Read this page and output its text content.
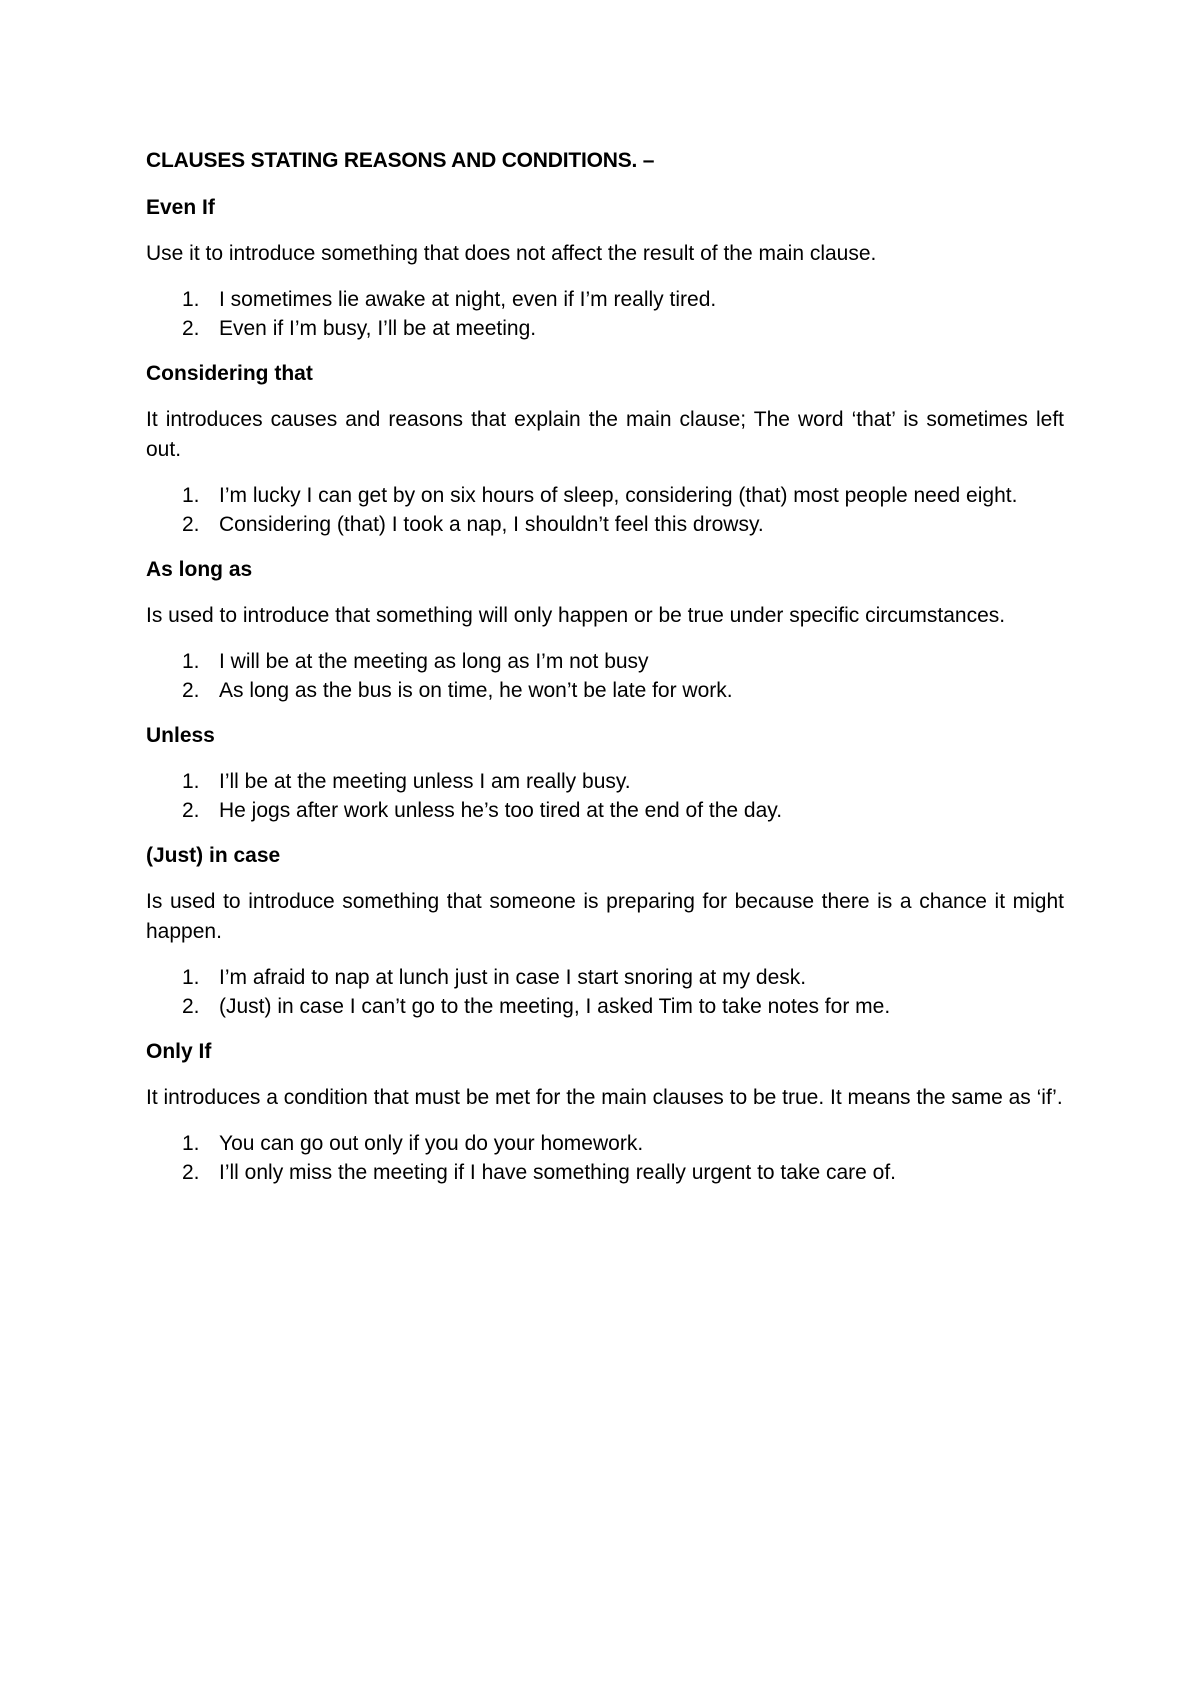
CLAUSES STATING REASONS AND CONDITIONS. –
Even If

Use it to introduce something that does not affect the result of the main clause.

1. I sometimes lie awake at night, even if I’m really tired.
2. Even if I’m busy, I’ll be at meeting.
Considering that

It introduces causes and reasons that explain the main clause; The word ‘that’ is sometimes left out.

1. I’m lucky I can get by on six hours of sleep, considering (that) most people need eight.
2. Considering (that) I took a nap, I shouldn’t feel this drowsy.
As long as

Is used to introduce that something will only happen or be true under specific circumstances.

1. I will be at the meeting as long as I’m not busy
2. As long as the bus is on time, he won’t be late for work.
Unless
1. I’ll be at the meeting unless I am really busy.
2. He jogs after work unless he’s too tired at the end of the day.
(Just) in case

Is used to introduce something that someone is preparing for because there is a chance it might happen.

1. I’m afraid to nap at lunch just in case I start snoring at my desk.
2. (Just) in case I can’t go to the meeting, I asked Tim to take notes for me.
Only If

It introduces a condition that must be met for the main clauses to be true. It means the same as ‘if’.

1. You can go out only if you do your homework.
2. I’ll only miss the meeting if I have something really urgent to take care of.
